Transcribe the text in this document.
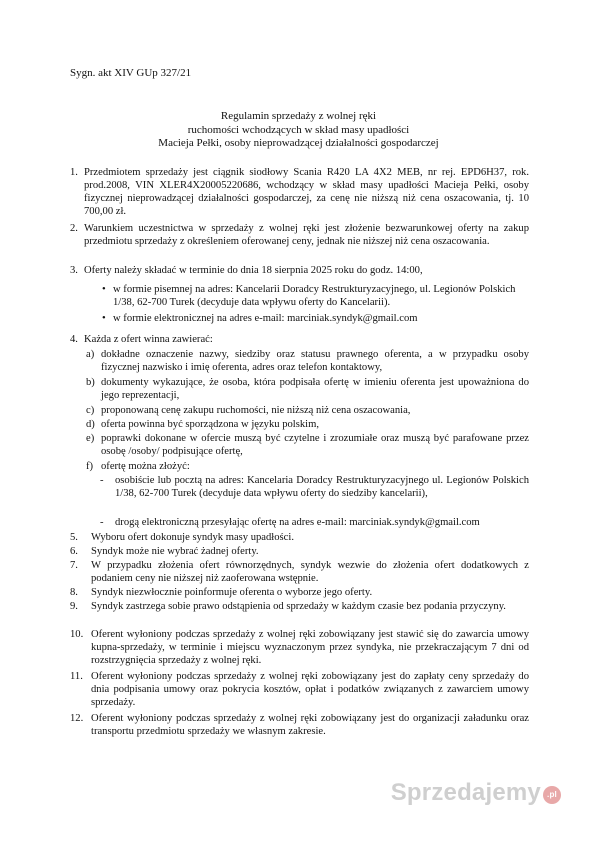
Sygn. akt XIV GUp 327/21
Regulamin sprzedaży z wolnej ręki
ruchomości wchodzących w skład masy upadłości
Macieja Pełki, osoby nieprowadzącej działalności gospodarczej
1. Przedmiotem sprzedaży jest ciągnik siodłowy Scania R420 LA 4X2 MEB, nr rej. EPD6H37, rok. prod.2008, VIN XLER4X20005220686, wchodzący w skład masy upadłości Macieja Pełki, osoby fizycznej nieprowadzącej działalności gospodarczej, za cenę nie niższą niż cena oszacowania, tj. 10 700,00 zł.
2. Warunkiem uczestnictwa w sprzedaży z wolnej ręki jest złożenie bezwarunkowej oferty na zakup przedmiotu sprzedaży z określeniem oferowanej ceny, jednak nie niższej niż cena oszacowania.
3. Oferty należy składać w terminie do dnia 18 sierpnia 2025 roku do godz. 14:00,
• w formie pisemnej na adres: Kancelarii Doradcy Restrukturyzacyjnego, ul. Legionów Polskich 1/38, 62-700 Turek (decyduje data wpływu oferty do Kancelarii).
• w formie elektronicznej na adres e-mail: marciniak.syndyk@gmail.com
4. Każda z ofert winna zawierać:
a) dokładne oznaczenie nazwy, siedziby oraz statusu prawnego oferenta, a w przypadku osoby fizycznej nazwisko i imię oferenta, adres oraz telefon kontaktowy,
b) dokumenty wykazujące, że osoba, która podpisała ofertę w imieniu oferenta jest upoważniona do jego reprezentacji,
c) proponowaną cenę zakupu ruchomości, nie niższą niż cena oszacowania,
d) oferta powinna być sporządzona w języku polskim,
e) poprawki dokonane w ofercie muszą być czytelne i zrozumiałe oraz muszą być parafowane przez osobę /osoby/ podpisujące ofertę,
f) ofertę można złożyć:
- osobiście lub pocztą na adres: Kancelaria Doradcy Restrukturyzacyjnego ul. Legionów Polskich 1/38, 62-700 Turek (decyduje data wpływu oferty do siedziby kancelarii),
- drogą elektroniczną przesyłając ofertę na adres e-mail: marciniak.syndyk@gmail.com
5. Wyboru ofert dokonuje syndyk masy upadłości.
6. Syndyk może nie wybrać żadnej oferty.
7. W przypadku złożenia ofert równorzędnych, syndyk wezwie do złożenia ofert dodatkowych z podaniem ceny nie niższej niż zaoferowana wstępnie.
8. Syndyk niezwłocznie poinformuje oferenta o wyborze jego oferty.
9. Syndyk zastrzega sobie prawo odstąpienia od sprzedaży w każdym czasie bez podania przyczyny.
10. Oferent wyłoniony podczas sprzedaży z wolnej ręki zobowiązany jest stawić się do zawarcia umowy kupna-sprzedaży, w terminie i miejscu wyznaczonym przez syndyka, nie przekraczającym 7 dni od rozstrzygnięcia sprzedaży z wolnej ręki.
11. Oferent wyłoniony podczas sprzedaży z wolnej ręki zobowiązany jest do zapłaty ceny sprzedaży do dnia podpisania umowy oraz pokrycia kosztów, opłat i podatków związanych z zawarciem umowy sprzedaży.
12. Oferent wyłoniony podczas sprzedaży z wolnej ręki zobowiązany jest do organizacji załadunku oraz transportu przedmiotu sprzedaży we własnym zakresie.
Sprzedajemy .pl
